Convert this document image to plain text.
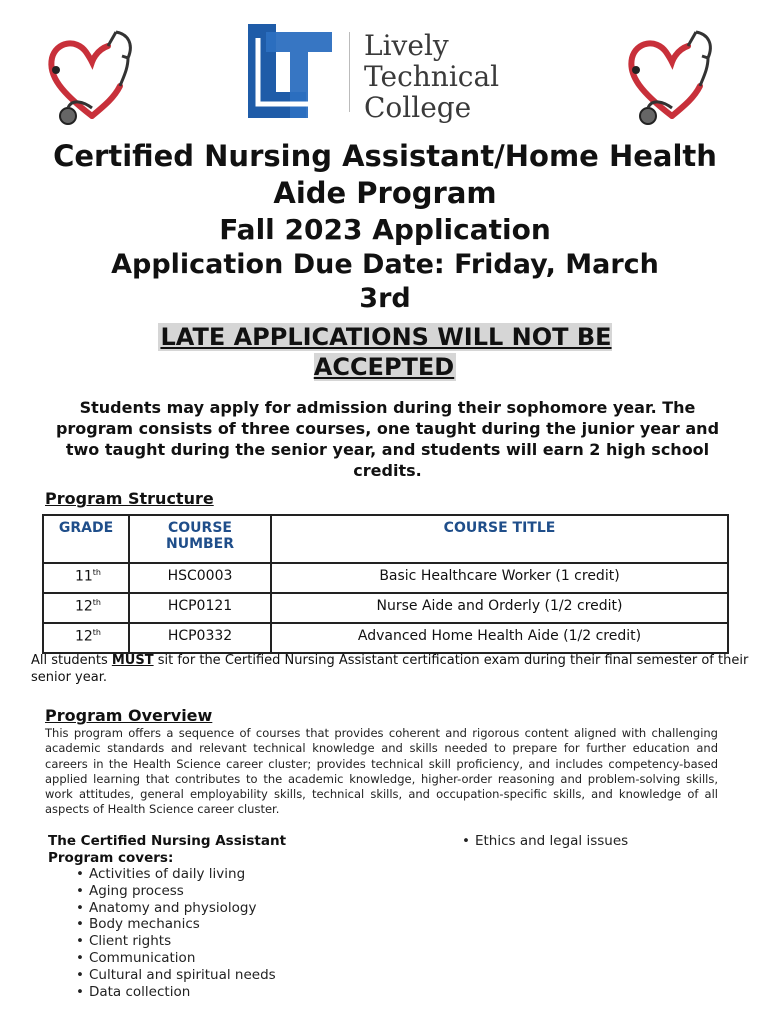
Lively
Technical
College

Certified Nursing Assistant/Home Health

Aide Program

Fall 2023 Application

Application Due Date: Friday, March

3rd

LATE APPLICATIONS WILL NOT BE ACCEPTED
Students may apply for admission during their sophomore year. The program consists of three courses, one taught during the junior year and two taught during the senior year, and students will earn 2 high school credits.
Program Structure
GRADE	COURSE NUMBER	COURSE TITLE
11th	HSC0003	Basic Healthcare Worker (1 credit)
12th	HCP0121	Nurse Aide and Orderly (1/2 credit)
12th	HCP0332	Advanced Home Health Aide (1/2 credit)
All students MUST sit for the Certified Nursing Assistant certification exam during their final semester of their senior year.
Program Overview
This program offers a sequence of courses that provides coherent and rigorous content aligned with challenging academic standards and relevant technical knowledge and skills needed to prepare for further education and careers in the Health Science career cluster; provides technical skill proficiency, and includes competency-based applied learning that contributes to the academic knowledge, higher-order reasoning and problem-solving skills, work attitudes, general employability skills, technical skills, and occupation-specific skills, and knowledge of all aspects of Health Science career cluster.
The Certified Nursing Assistant Program covers:
• Activities of daily living
• Aging process
• Anatomy and physiology
• Body mechanics
• Client rights
• Communication
• Cultural and spiritual needs
• Data collection
• Ethics and legal issues
